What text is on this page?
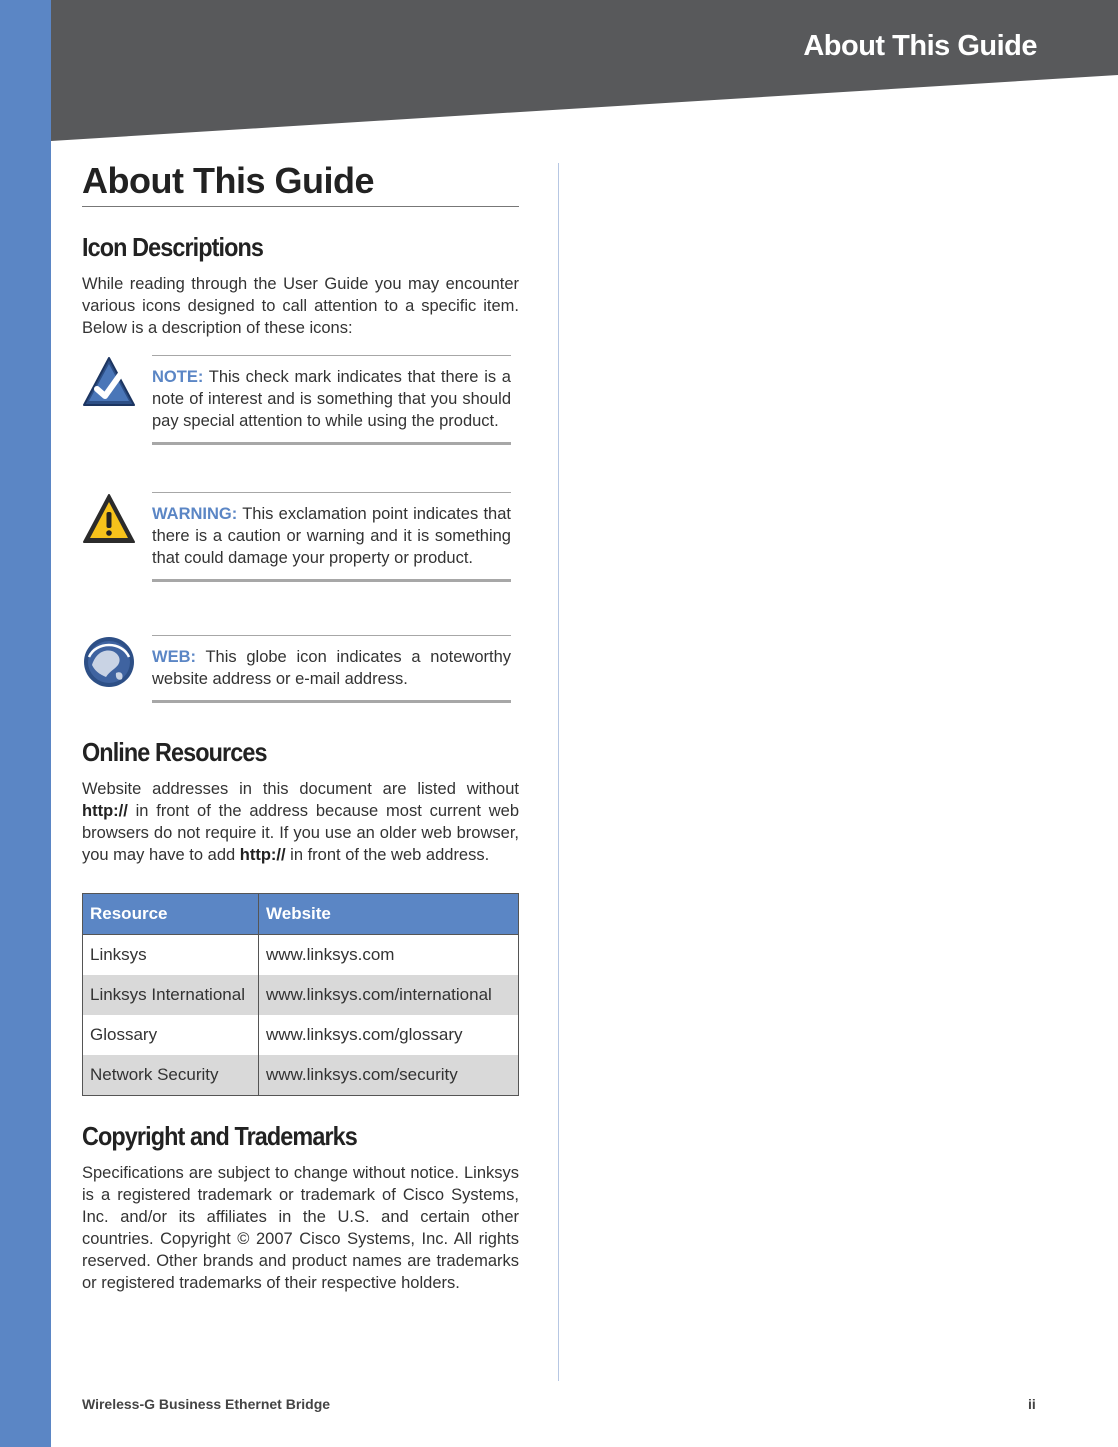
About This Guide
About This Guide
Icon Descriptions

While reading through the User Guide you may encounter various icons designed to call attention to a specific item. Below is a description of these icons:

NOTE: This check mark indicates that there is a note of interest and is something that you should pay special attention to while using the product.

WARNING: This exclamation point indicates that there is a caution or warning and it is something that could damage your property or product.

WEB: This globe icon indicates a noteworthy website address or e-mail address.

Online Resources

Website addresses in this document are listed without http:// in front of the address because most current web browsers do not require it. If you use an older web browser, you may have to add http:// in front of the web address.

Resource	Website
Linksys	www.linksys.com
Linksys International	www.linksys.com/international
Glossary	www.linksys.com/glossary
Network Security	www.linksys.com/security
Copyright and Trademarks

Specifications are subject to change without notice. Linksys is a registered trademark or trademark of Cisco Systems, Inc. and/or its affiliates in the U.S. and certain other countries. Copyright © 2007 Cisco Systems, Inc. All rights reserved. Other brands and product names are trademarks or registered trademarks of their respective holders.

Wireless-G Business Ethernet Bridge	ii
